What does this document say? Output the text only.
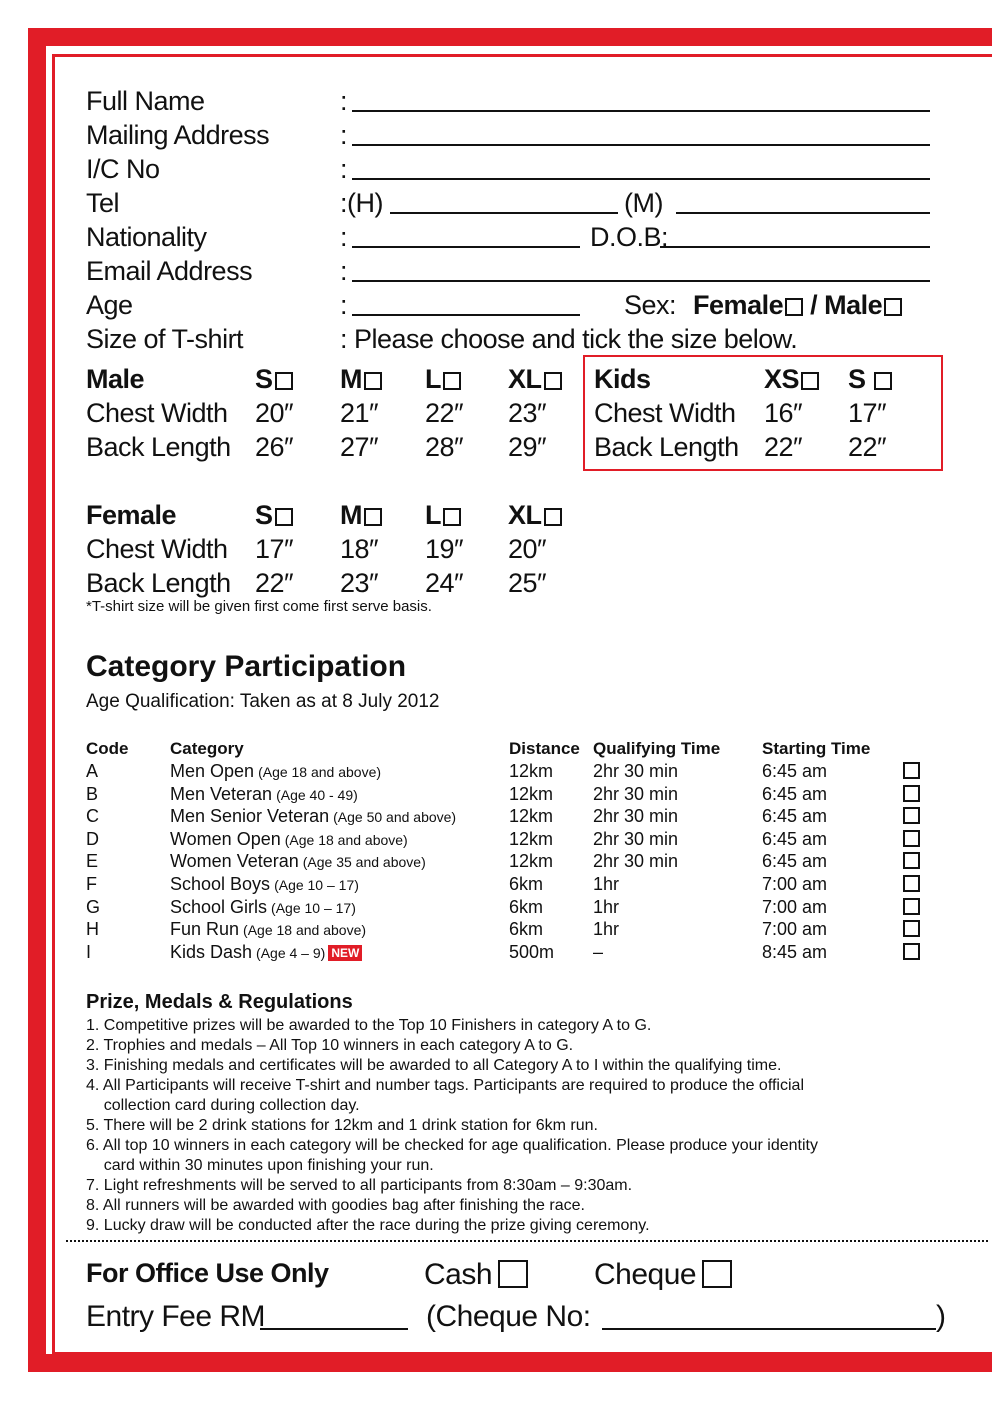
Full Name	:
Mailing Address	:
I/C No	:
Tel	:(H)	(M)
Nationality	:	D.O.B:
Email Address	:
Age	:	Sex: Female / Male
Size of T-shirt	: Please choose and tick the size below.
Male	S	M	L	XL
Chest Width 20″ 21″ 22″ 23″
Back Length 26″ 27″ 28″ 29″
Kids	XS	S
Chest Width 16″ 17″
Back Length 22″ 22″
Female	S	M	L	XL
Chest Width 17″ 18″ 19″ 20″
Back Length 22″ 23″ 24″ 25″
*T-shirt size will be given first come first serve basis.
Category Participation
Age Qualification: Taken as at 8 July 2012
Code Category	Distance Qualifying Time Starting Time
A	Men Open (Age 18 and above)	12km 2hr 30 min	6:45 am
B	Men Veteran (Age 40 - 49)	12km 2hr 30 min	6:45 am
C	Men Senior Veteran (Age 50 and above)	12km 2hr 30 min	6:45 am
D	Women Open (Age 18 and above)	12km 2hr 30 min	6:45 am
E	Women Veteran (Age 35 and above)	12km 2hr 30 min	6:45 am
F	School Boys (Age 10 – 17)	6km	1hr	7:00 am
G	School Girls (Age 10 – 17)	6km	1hr	7:00 am
H	Fun Run (Age 18 and above)	6km	1hr	7:00 am
I	Kids Dash (Age 4 – 9) NEW	500m –	8:45 am
Prize, Medals & Regulations
1. Competitive prizes will be awarded to the Top 10 Finishers in category A to G.
2. Trophies and medals – All Top 10 winners in each category A to G.
3. Finishing medals and certificates will be awarded to all Category A to I within the qualifying time.
4. All Participants will receive T-shirt and number tags. Participants are required to produce the official
collection card during collection day.
5. There will be 2 drink stations for 12km and 1 drink station for 6km run.
6. All top 10 winners in each category will be checked for age qualification. Please produce your identity
card within 30 minutes upon finishing your run.
7. Light refreshments will be served to all participants from 8:30am – 9:30am.
8. All runners will be awarded with goodies bag after finishing the race.
9. Lucky draw will be conducted after the race during the prize giving ceremony.
For Office Use Only	Cash	Cheque
Entry Fee RM	(Cheque No:	)
